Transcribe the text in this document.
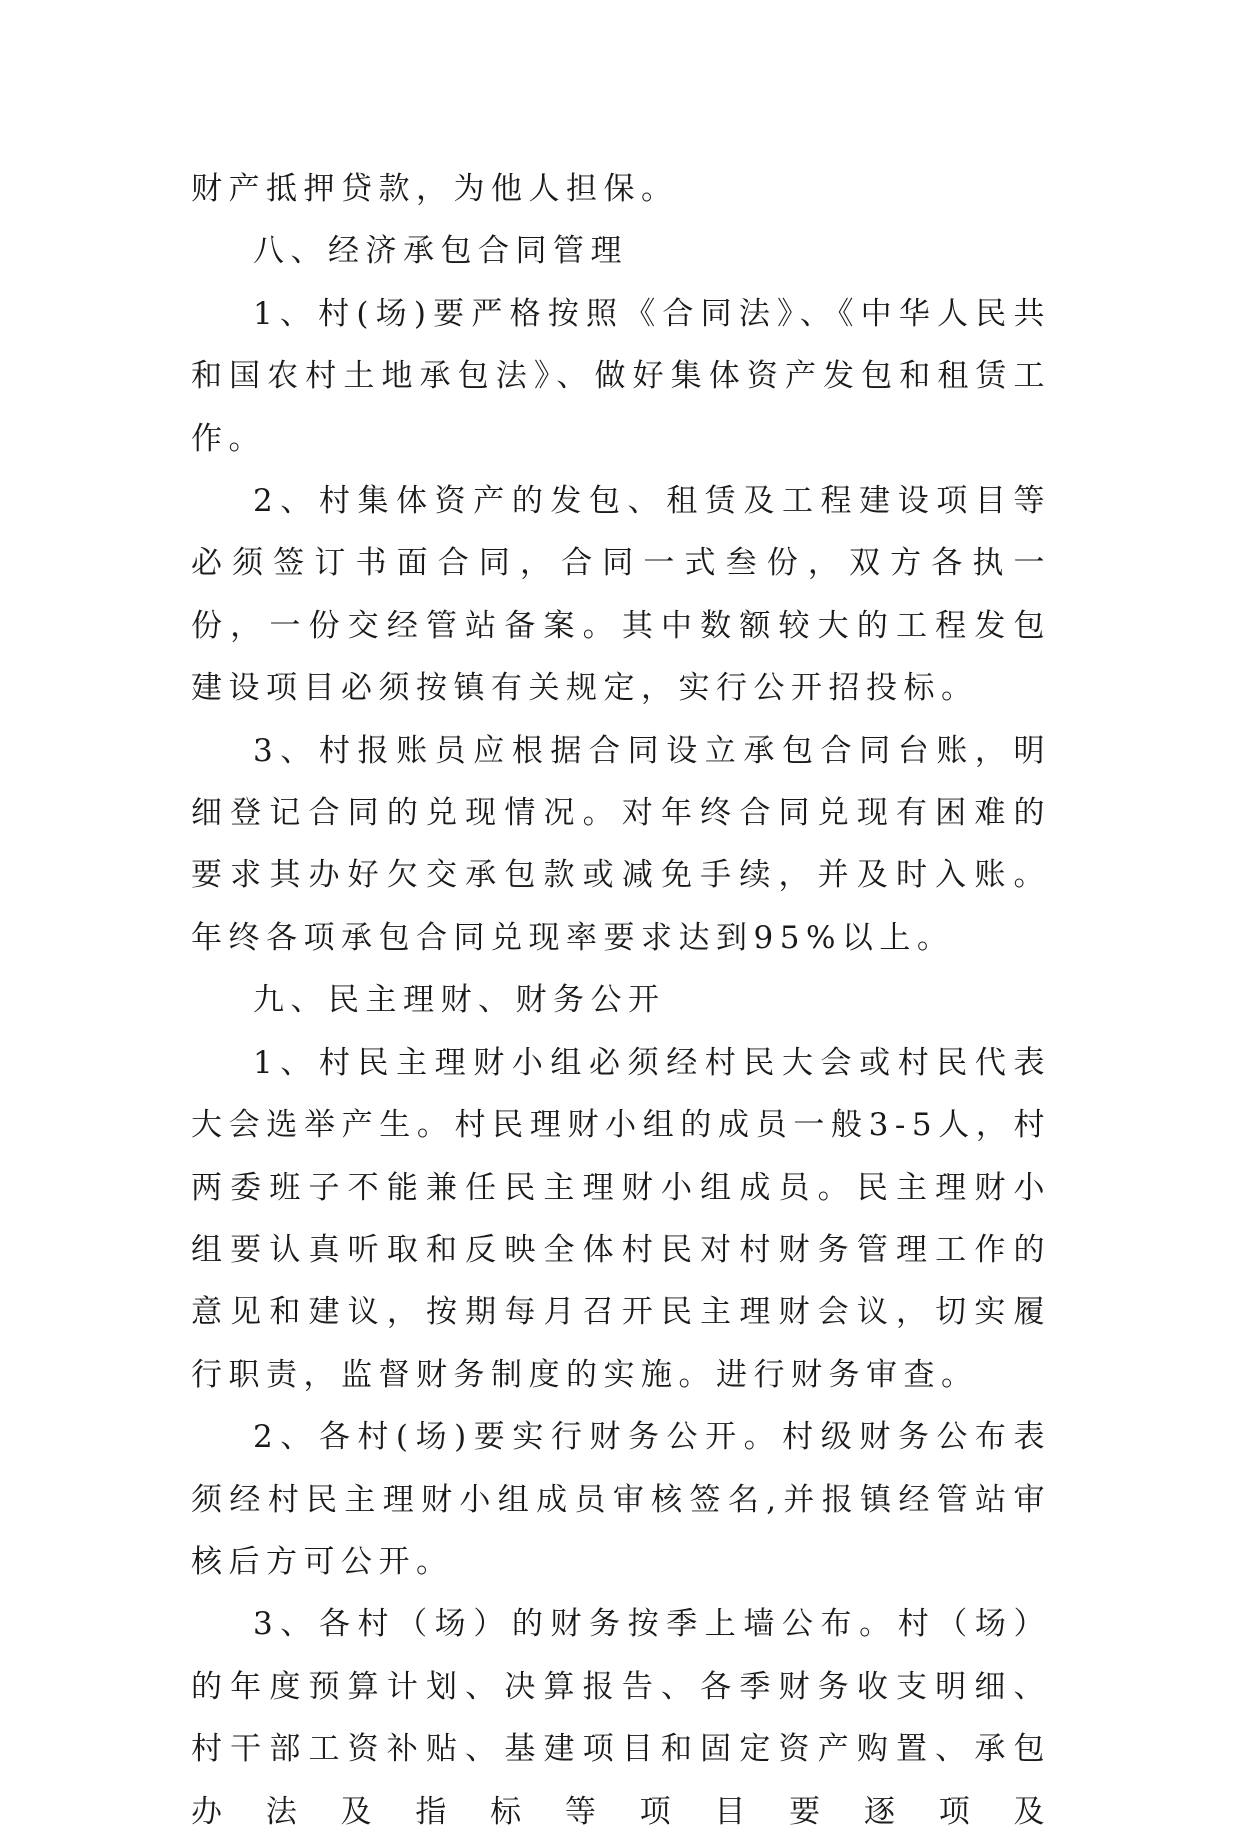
财产抵押贷款，为他人担保。

八、经济承包合同管理

1、村(场)要严格按照《合同法》、《中华人民共和国农村土地承包法》、做好集体资产发包和租赁工作。

2、村集体资产的发包、租赁及工程建设项目等必须签订书面合同，合同一式叁份，双方各执一份，一份交经管站备案。其中数额较大的工程发包建设项目必须按镇有关规定，实行公开招投标。

3、村报账员应根据合同设立承包合同台账，明细登记合同的兑现情况。对年终合同兑现有困难的要求其办好欠交承包款或减免手续，并及时入账。年终各项承包合同兑现率要求达到95%以上。

九、民主理财、财务公开

1、村民主理财小组必须经村民大会或村民代表大会选举产生。村民理财小组的成员一般3-5人，村两委班子不能兼任民主理财小组成员。民主理财小组要认真听取和反映全体村民对村财务管理工作的意见和建议，按期每月召开民主理财会议，切实履行职责，监督财务制度的实施。进行财务审查。

2、各村(场)要实行财务公开。村级财务公布表须经村民主理财小组成员审核签名,并报镇经管站审核后方可公开。

3、各村（场）的财务按季上墙公布。村（场）的年度预算计划、决算报告、各季财务收支明细、村干部工资补贴、基建项目和固定资产购置、承包办法及指标等项目要逐项及
